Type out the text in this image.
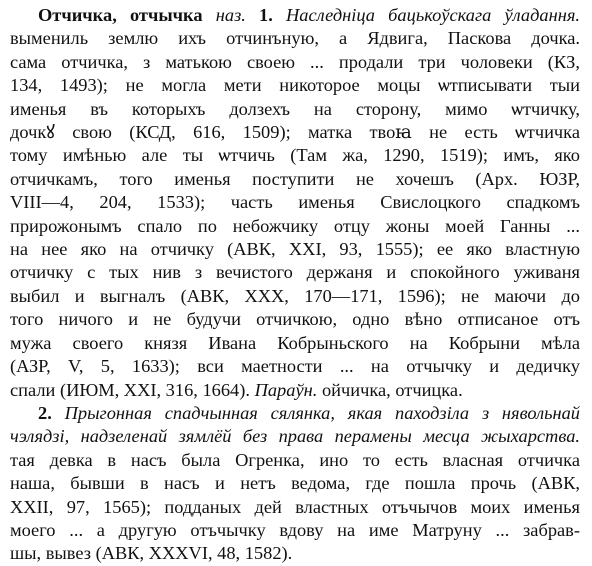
Отчичка, отчычка наз. 1. Наследніца бацькоўскага ўладання.
вымениль землю ихъ отчинъную, а Ядвига, Паскова дочка.
сама отчичка, з матькою своею ... продали три чоловеки (КЗ,
134, 1493); не могла мети никоторое моцы ѡтписывати тыи
именья въ которыхъ долзехъ на сторону, мимо ѡтчичку,
дочкꙋ свою (КСД, 616, 1509); матка твоꙗ не есть ѡтчичка
тому имѣнью але ты ѡтчичь (Там жа, 1290, 1519); имъ, яко
отчичкамъ, того именья поступити не хочешъ (Арх. ЮЗР,
VIII—4, 204, 1533); часть именья Свислоцкого спадкомъ
прирожонымъ спало по небожчику отцу жоны моей Ганны ...
на нее яко на отчичку (АВК, XXI, 93, 1555); ее яко властную
отчичку с тых нив з вечистого держаня и спокойного уживаня
выбил и выгналъ (АВК, XXX, 170—171, 1596); не маючи до
того ничого и не будучи отчичкою, одно вѣно отписаное отъ
мужа своего князя Ивана Кобрыньского на Кобрыни мѣла
(АЗР, V, 5, 1633); вси маетности ... на отчычку и дедичку
спали (ИЮМ, XXI, 316, 1664). Параўн. ойчичка, отчицка.
2. Прыгонная спадчынная сялянка, якая паходзіла з нявольнай
чэлядзі, надзеленай зямлёй без права перамены месца жыхарства.
тая девка в насъ была Огренка, ино то есть власная отчичка
наша, бывши в насъ и нетъ ведома, где пошла прочь (АВК,
XXII, 97, 1565); подданых дей властных отъчычов моих именья
моего ... а другую отъчычку вдову на име Матруну ... забрав-
шы, вывез (АВК, XXXVI, 48, 1582).
